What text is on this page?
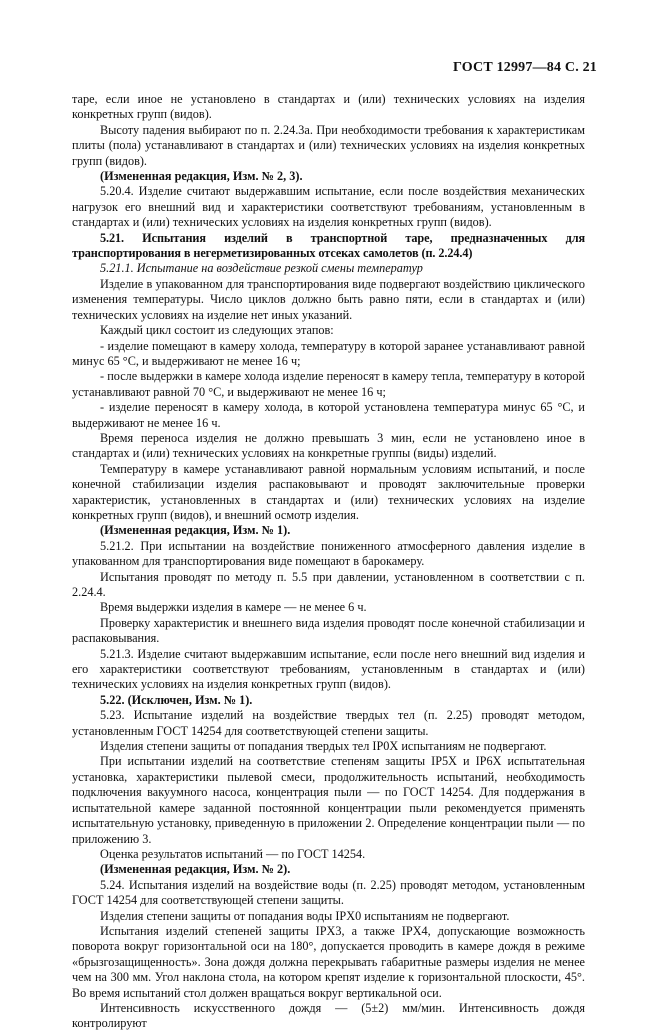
ГОСТ 12997—84 С. 21

таре, если иное не установлено в стандартах и (или) технических условиях на изделия конкретных групп (видов).

Высоту падения выбирают по п. 2.24.3а. При необходимости требования к характеристикам плиты (пола) устанавливают в стандартах и (или) технических условиях на изделия конкретных групп (видов).

(Измененная редакция, Изм. № 2, 3).

5.20.4. Изделие считают выдержавшим испытание, если после воздействия механических нагрузок его внешний вид и характеристики соответствуют требованиям, установленным в стандартах и (или) технических условиях на изделия конкретных групп (видов).

5.21. Испытания изделий в транспортной таре, предназначенных для транспортирования в негерметизированных отсеках самолетов (п. 2.24.4)

5.21.1. Испытание на воздействие резкой смены температур

Изделие в упакованном для транспортирования виде подвергают воздействию циклического изменения температуры. Число циклов должно быть равно пяти, если в стандартах и (или) технических условиях на изделие нет иных указаний.

Каждый цикл состоит из следующих этапов:

- изделие помещают в камеру холода, температуру в которой заранее устанавливают равной минус 65 °С, и выдерживают не менее 16 ч;

- после выдержки в камере холода изделие переносят в камеру тепла, температуру в которой устанавливают равной 70 °С, и выдерживают не менее 16 ч;

- изделие переносят в камеру холода, в которой установлена температура минус 65 °С, и выдерживают не менее 16 ч.

Время переноса изделия не должно превышать 3 мин, если не установлено иное в стандартах и (или) технических условиях на конкретные группы (виды) изделий.

Температуру в камере устанавливают равной нормальным условиям испытаний, и после конечной стабилизации изделия распаковывают и проводят заключительные проверки характеристик, установленных в стандартах и (или) технических условиях на изделие конкретных групп (видов), и внешний осмотр изделия.

(Измененная редакция, Изм. № 1).

5.21.2. При испытании на воздействие пониженного атмосферного давления изделие в упакованном для транспортирования виде помещают в барокамеру.

Испытания проводят по методу п. 5.5 при давлении, установленном в соответствии с п. 2.24.4.

Время выдержки изделия в камере — не менее 6 ч.

Проверку характеристик и внешнего вида изделия проводят после конечной стабилизации и распаковывания.

5.21.3. Изделие считают выдержавшим испытание, если после него внешний вид изделия и его характеристики соответствуют требованиям, установленным в стандартах и (или) технических условиях на изделия конкретных групп (видов).

5.22. (Исключен, Изм. № 1).

5.23. Испытание изделий на воздействие твердых тел (п. 2.25) проводят методом, установленным ГОСТ 14254 для соответствующей степени защиты.

Изделия степени защиты от попадания твердых тел IP0X испытаниям не подвергают.

При испытании изделий на соответствие степеням защиты IP5X и IP6X испытательная установка, характеристики пылевой смеси, продолжительность испытаний, необходимость подключения вакуумного насоса, концентрация пыли — по ГОСТ 14254. Для поддержания в испытательной камере заданной постоянной концентрации пыли рекомендуется применять испытательную установку, приведенную в приложении 2. Определение концентрации пыли — по приложению 3.

Оценка результатов испытаний — по ГОСТ 14254.

(Измененная редакция, Изм. № 2).

5.24. Испытания изделий на воздействие воды (п. 2.25) проводят методом, установленным ГОСТ 14254 для соответствующей степени защиты.

Изделия степени защиты от попадания воды IPX0 испытаниям не подвергают.

Испытания изделий степеней защиты IPX3, а также IPX4, допускающие возможность поворота вокруг горизонтальной оси на 180°, допускается проводить в камере дождя в режиме «брызгозащищенность». Зона дождя должна перекрывать габаритные размеры изделия не менее чем на 300 мм. Угол наклона стола, на котором крепят изделие к горизонтальной плоскости, 45°. Во время испытаний стол должен вращаться вокруг вертикальной оси.

Интенсивность искусственного дождя — (5±2) мм/мин. Интенсивность дождя контролируют
